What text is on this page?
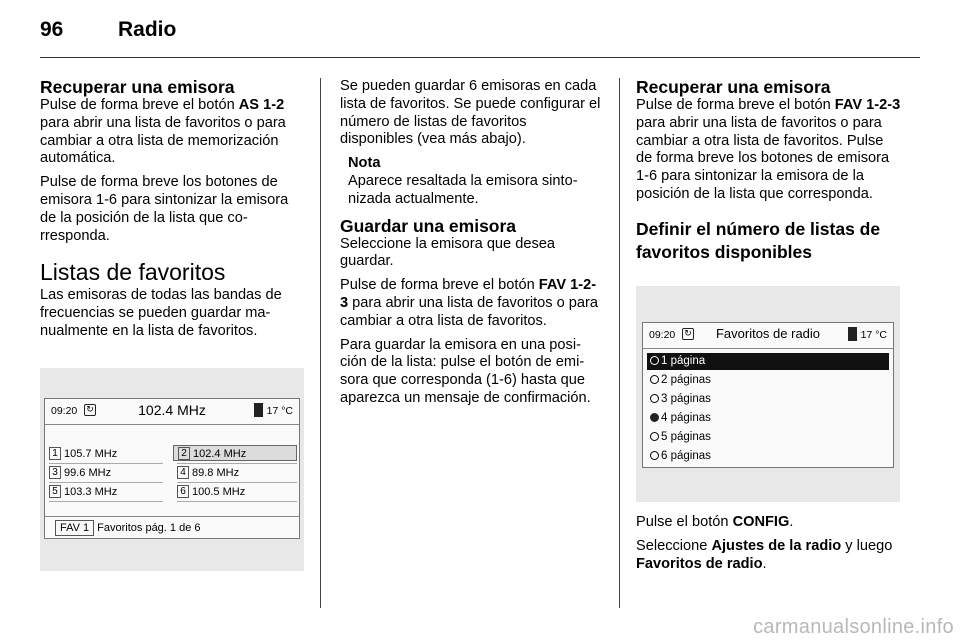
96	Radio
Recuperar una emisora

Pulse de forma breve el botón AS 1-2 para abrir una lista de favoritos o para cambiar a otra lista de memorización automática.

Pulse de forma breve los botones de emisora 1-6 para sintonizar la emisora de la posición de la lista que corresponda.

Listas de favoritos

Las emisoras de todas las bandas de frecuencias se pueden guardar manualmente en la lista de favoritos.

09:20 ↻	102.4 MHz	17 °C
1 105.7 MHz	2 102.4 MHz
3 99.6 MHz	4 89.8 MHz
5 103.3 MHz	6 100.5 MHz
FAV 1 Favoritos pág. 1 de 6

Se pueden guardar 6 emisoras en cada lista de favoritos. Se puede configurar el número de listas de favoritos disponibles (vea más abajo).

Nota
Aparece resaltada la emisora sintonizada actualmente.
Guardar una emisora

Seleccione la emisora que desea guardar.

Pulse de forma breve el botón FAV 1-2-3 para abrir una lista de favoritos o para cambiar a otra lista de favoritos.

Para guardar la emisora en una posición de la lista: pulse el botón de emisora que corresponda (1-6) hasta que aparezca un mensaje de confirmación.

Recuperar una emisora

Pulse de forma breve el botón FAV 1-2-3 para abrir una lista de favoritos o para cambiar a otra lista de favoritos. Pulse de forma breve los botones de emisora 1-6 para sintonizar la emisora de la posición de la lista que corresponda.

Definir el número de listas de favoritos disponibles
09:20 ↻	Favoritos de radio	17 °C
1 página
2 páginas
3 páginas
4 páginas
5 páginas
6 páginas

Pulse el botón CONFIG.

Seleccione Ajustes de la radio y luego Favoritos de radio.

carmanualsonline.info
